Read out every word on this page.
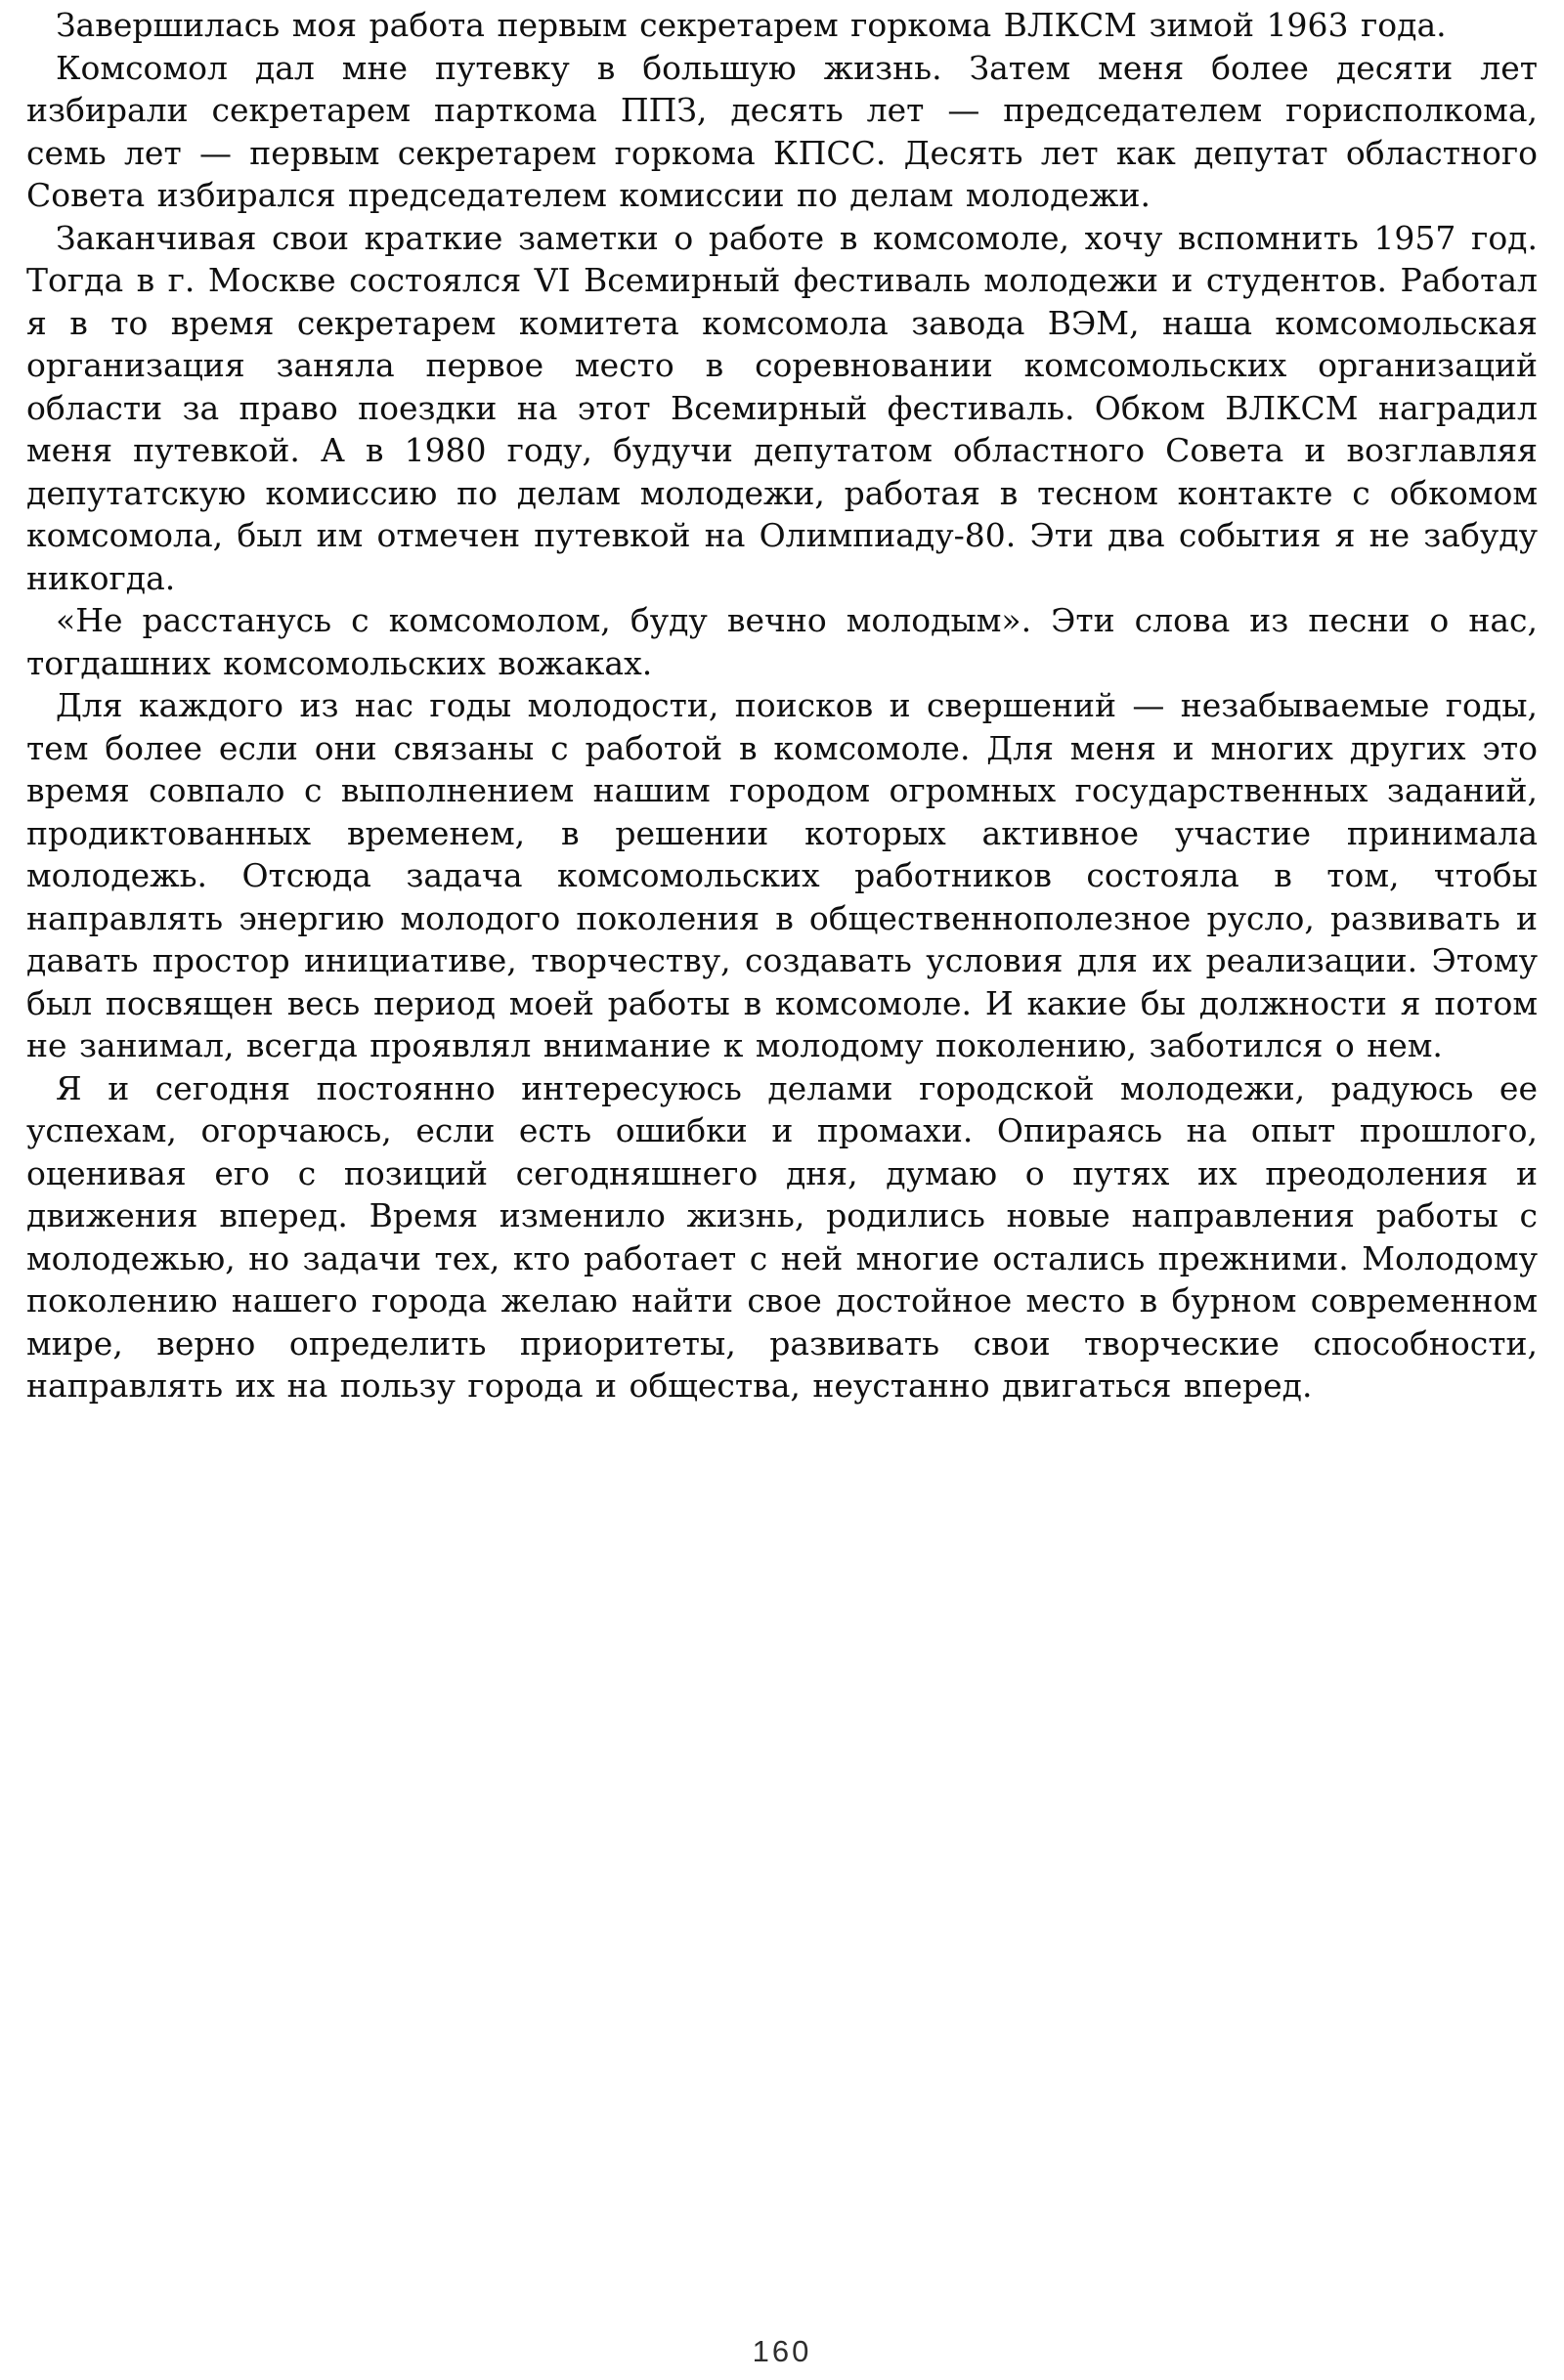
Завершилась моя работа первым секретарем горкома ВЛКСМ зимой 1963 года.

Комсомол дал мне путевку в большую жизнь. Затем меня более десяти лет избирали секретарем парткома ППЗ, десять лет — председателем горисполкома, семь лет — первым секретарем горкома КПСС. Десять лет как депутат областного Совета избирался председателем комиссии по делам молодежи.

Заканчивая свои краткие заметки о работе в комсомоле, хочу вспомнить 1957 год. Тогда в г. Москве состоялся VI Всемирный фестиваль молодежи и студентов. Работал я в то время секретарем комитета комсомола завода ВЭМ, наша комсомольская организация заняла первое место в соревновании комсомольских организаций области за право поездки на этот Всемирный фестиваль. Обком ВЛКСМ наградил меня путевкой. А в 1980 году, будучи депутатом областного Совета и возглавляя депутатскую комиссию по делам молодежи, работая в тесном контакте с обкомом комсомола, был им отмечен путевкой на Олимпиаду-80. Эти два события я не забуду никогда.

«Не расстанусь с комсомолом, буду вечно молодым». Эти слова из песни о нас, тогдашних комсомольских вожаках.

Для каждого из нас годы молодости, поисков и свершений — незабываемые годы, тем более если они связаны с работой в комсомоле. Для меня и многих других это время совпало с выполнением нашим городом огромных государственных заданий, продиктованных временем, в решении которых активное участие принимала молодежь. Отсюда задача комсомольских работников состояла в том, чтобы направлять энергию молодого поколения в общественнополезное русло, развивать и давать простор инициативе, творчеству, создавать условия для их реализации. Этому был посвящен весь период моей работы в комсомоле. И какие бы должности я потом не занимал, всегда проявлял внимание к молодому поколению, заботился о нем.

Я и сегодня постоянно интересуюсь делами городской молодежи, радуюсь ее успехам, огорчаюсь, если есть ошибки и промахи. Опираясь на опыт прошлого, оценивая его с позиций сегодняшнего дня, думаю о путях их преодоления и движения вперед. Время изменило жизнь, родились новые направления работы с молодежью, но задачи тех, кто работает с ней многие остались прежними. Молодому поколению нашего города желаю найти свое достойное место в бурном современном мире, верно определить приоритеты, развивать свои творческие способности, направлять их на пользу города и общества, неустанно двигаться вперед.

160
